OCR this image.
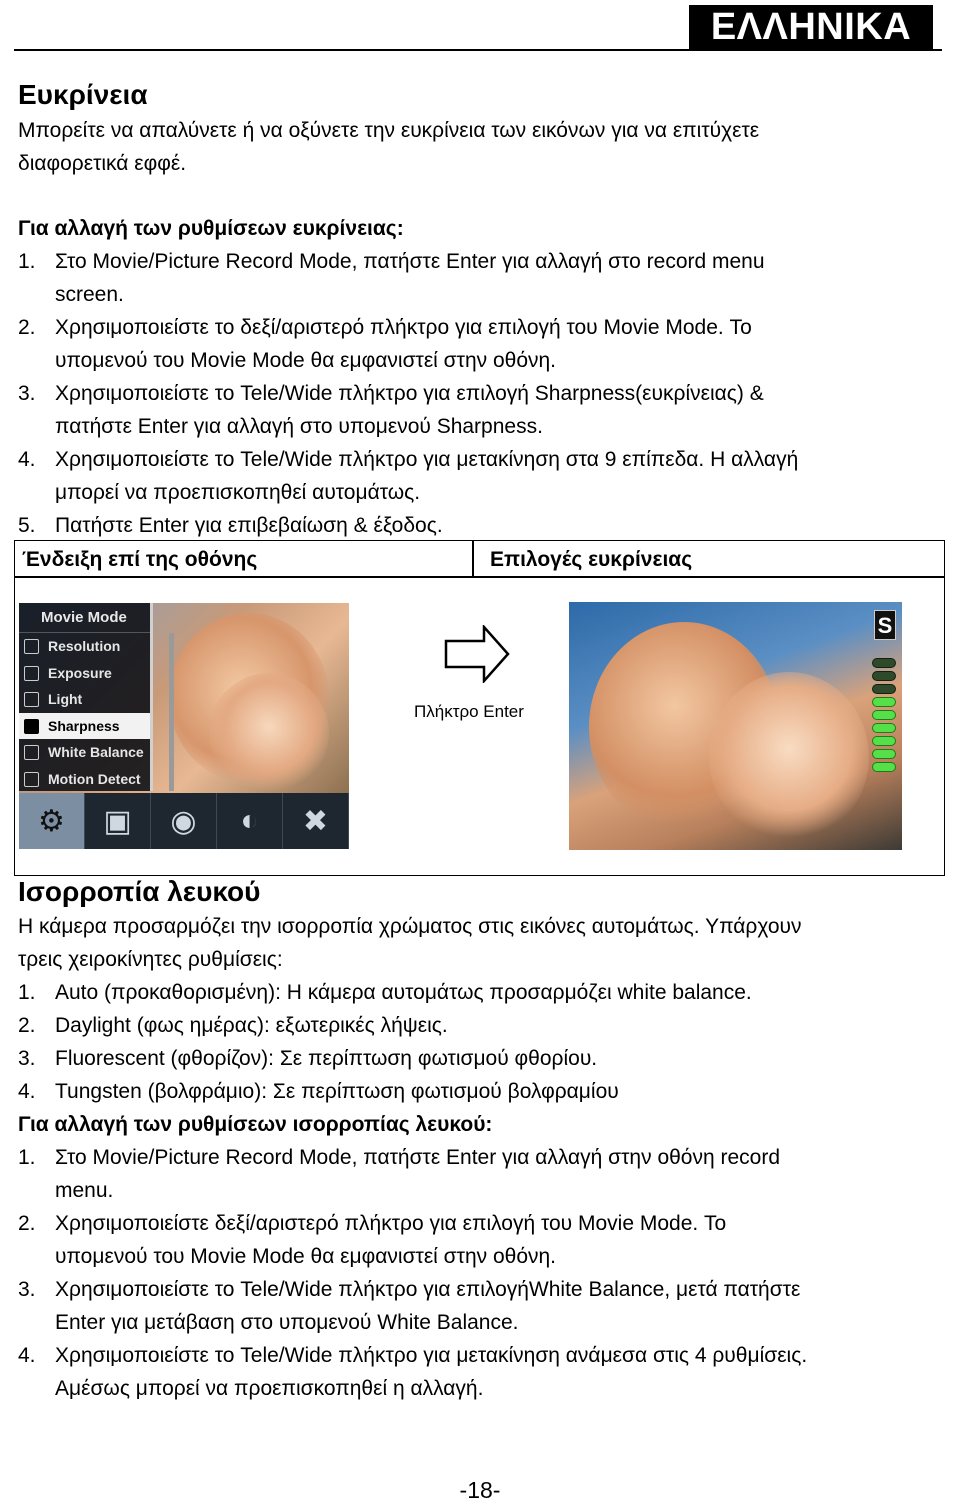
ΕΛΛΗΝΙΚΑ
Ευκρίνεια
Μπορείτε να απαλύνετε ή να οξύνετε την ευκρίνεια των εικόνων για να επιτύχετε
διαφορετικά εφφέ.
Για αλλαγή των ρυθμίσεων ευκρίνειας:
1. Στο Movie/Picture Record Mode, πατήστε Enter για αλλαγή στο record menu
screen.
2. Χρησιμοποιείστε το δεξί/αριστερό πλήκτρο για επιλογή του Movie Mode. Το
υπομενού του Movie Mode θα εμφανιστεί στην οθόνη.
3. Χρησιμοποιείστε το Tele/Wide πλήκτρο για επιλογή Sharpness(ευκρίνειας) &
πατήστε Enter για αλλαγή στο υπομενού Sharpness.
4. Χρησιμοποιείστε το Tele/Wide πλήκτρο για μετακίνηση στα 9 επίπεδα. Η αλλαγή
μπορεί να προεπισκοπηθεί αυτομάτως.
5. Πατήστε Enter για επιβεβαίωση & έξοδος.
Ένδειξη επί της οθόνης	Επιλογές ευκρίνειας
Movie Mode
Resolution
Exposure
Light
Sharpness
White Balance
Motion Detect
⚙	▣	◉	◐	✖
Πλήκτρο Enter
S
Ισορροπία λευκού
Η κάμερα προσαρμόζει την ισορροπία χρώματος στις εικόνες αυτομάτως. Υπάρχουν
τρεις χειροκίνητες ρυθμίσεις:
1. Auto (προκαθορισμένη): Η κάμερα αυτομάτως προσαρμόζει white balance.
2. Daylight (φως ημέρας): εξωτερικές λήψεις.
3. Fluorescent (φθορίζον): Σε περίπτωση φωτισμού φθορίου.
4. Tungsten (βολφράμιο): Σε περίπτωση φωτισμού βολφραμίου
Για αλλαγή των ρυθμίσεων ισορροπίας λευκού:
1. Στο Movie/Picture Record Mode, πατήστε Enter για αλλαγή στην οθόνη record
menu.
2. Χρησιμοποιείστε δεξί/αριστερό πλήκτρο για επιλογή του Movie Mode. Το
υπομενού του Movie Mode θα εμφανιστεί στην οθόνη.
3. Χρησιμοποιείστε το Tele/Wide πλήκτρο για επιλογήWhite Balance, μετά πατήστε
Enter για μετάβαση στο υπομενού White Balance.
4. Χρησιμοποιείστε το Tele/Wide πλήκτρο για μετακίνηση ανάμεσα στις 4 ρυθμίσεις.
Αμέσως μπορεί να προεπισκοπηθεί η αλλαγή.
-18-
